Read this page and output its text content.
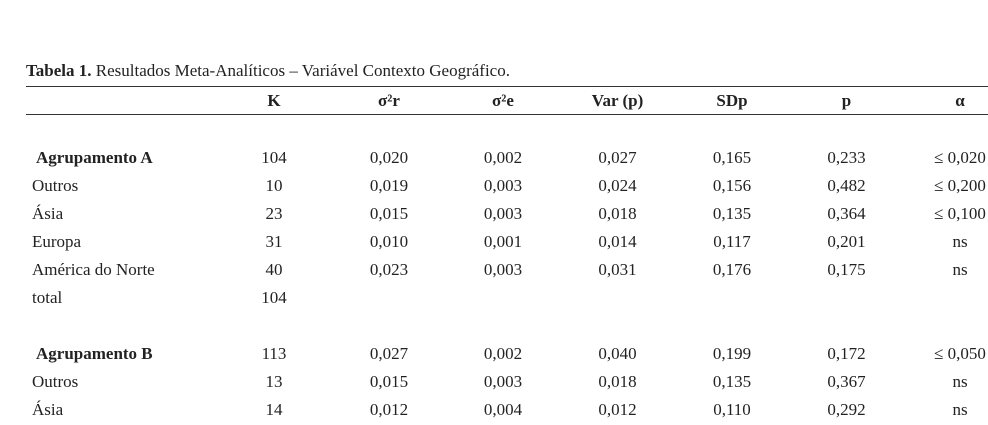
Tabela 1. Resultados Meta-Analíticos – Variável Contexto Geográfico.
	K	σ²r	σ²e	Var (p)	SDp	p	α

Agrupamento A	104	0,020	0,002	0,027	0,165	0,233	≤ 0,020
Outros	10	0,019	0,003	0,024	0,156	0,482	≤ 0,200
Ásia	23	0,015	0,003	0,018	0,135	0,364	≤ 0,100
Europa	31	0,010	0,001	0,014	0,117	0,201	ns
América do Norte	40	0,023	0,003	0,031	0,176	0,175	ns
total	104						

Agrupamento B	113	0,027	0,002	0,040	0,199	0,172	≤ 0,050
Outros	13	0,015	0,003	0,018	0,135	0,367	ns
Ásia	14	0,012	0,004	0,012	0,110	0,292	ns
